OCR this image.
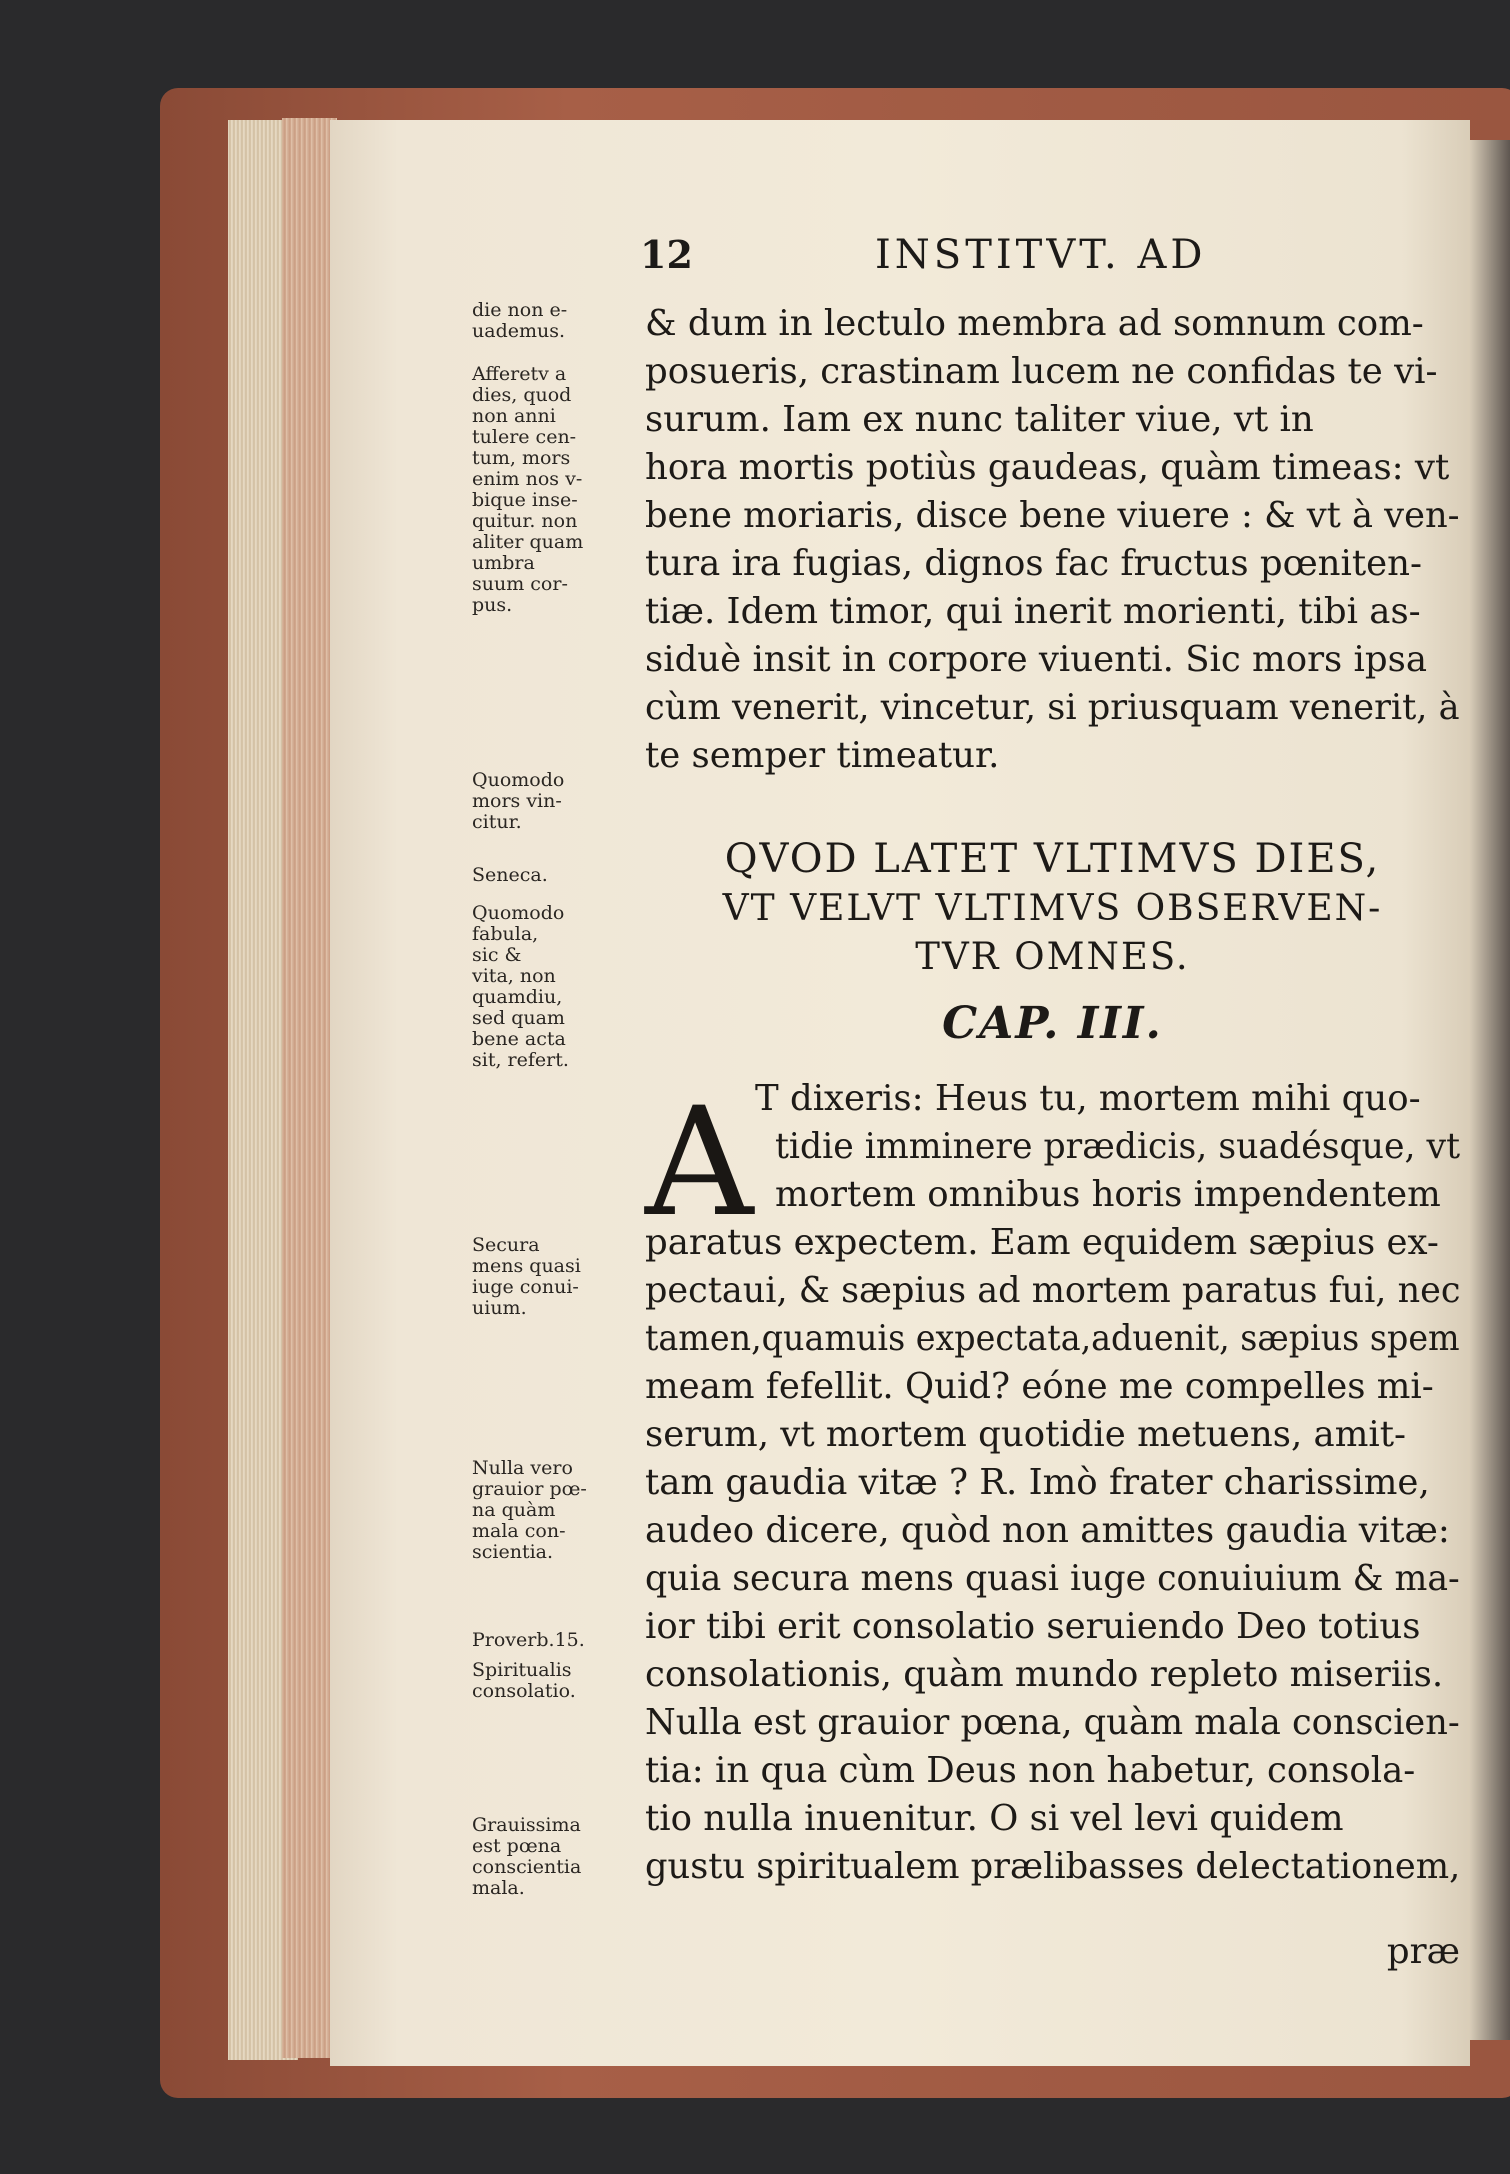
12	INSTITVT. AD
die non e-
uademus.
Afferetv a
dies, quod
non anni
tulere cen-
tum, mors
enim nos v-
bique inse-
quitur. non
aliter quam
umbra
suum cor-
pus.
Quomodo
mors vin-
citur.
Seneca.
Quomodo
fabula,
sic &
vita, non
quamdiu,
sed quam
bene acta
sit, refert.
Secura
mens quasi
iuge conui-
uium.
Nulla vero
grauior pœ-
na quàm
mala con-
scientia.
Proverb.15.
Spiritualis
consolatio.
Grauissima
est pœna
conscientia
mala.
& dum in lectulo membra ad somnum com-
posueris, crastinam lucem ne confidas te vi-
surum. Iam ex nunc taliter viue, vt in
hora mortis potiùs gaudeas, quàm timeas: vt
bene moriaris, disce bene viuere : & vt à ven-
tura ira fugias, dignos fac fructus pœniten-
tiæ. Idem timor, qui inerit morienti, tibi as-
siduè insit in corpore viuenti. Sic mors ipsa
cùm venerit, vincetur, si priusquam venerit, à
te semper timeatur.
QVOD LATET VLTIMVS DIES,
VT VELVT VLTIMVS OBSERVEN-
TVR OMNES.
CAP. III.
A T dixeris: Heus tu, mortem mihi quo-
tidie imminere prædicis, suadésque, vt
mortem omnibus horis impendentem
paratus expectem. Eam equidem sæpius ex-
pectaui, & sæpius ad mortem paratus fui, nec
tamen,quamuis expectata,aduenit, sæpius spem
meam fefellit. Quid? eóne me compelles mi-
serum, vt mortem quotidie metuens, amit-
tam gaudia vitæ ? R. Imò frater charissime,
audeo dicere, quòd non amittes gaudia vitæ:
quia secura mens quasi iuge conuiuium & ma-
ior tibi erit consolatio seruiendo Deo totius
consolationis, quàm mundo repleto miseriis.
Nulla est grauior pœna, quàm mala conscien-
tia: in qua cùm Deus non habetur, consola-
tio nulla inuenitur. O si vel levi quidem
gustu spiritualem prælibasses delectationem,
præ
